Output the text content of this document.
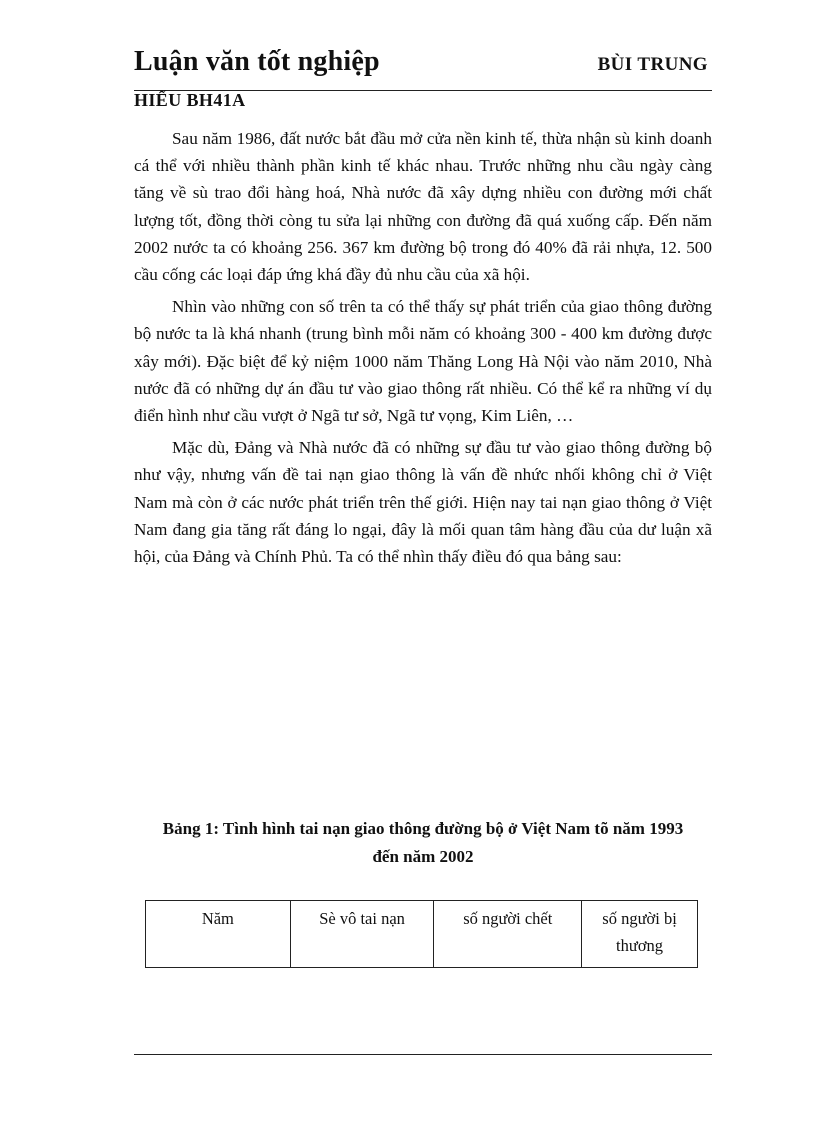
Luận văn tốt nghiệp	BÙI TRUNG
HIẾU BH41A

Sau năm 1986, đất nước bắt đầu mở cửa nền kinh tế, thừa nhận sù kinh doanh cá thể với nhiều thành phần kinh tế khác nhau. Trước những nhu cầu ngày càng tăng về sù trao đổi hàng hoá, Nhà nước đã xây dựng nhiều con đường mới chất lượng tốt, đồng thời còng tu sửa lại những con đường đã quá xuống cấp. Đến năm 2002 nước ta có khoảng 256. 367 km đường bộ trong đó 40% đã rải nhựa, 12. 500 cầu cống các loại đáp ứng khá đầy đủ nhu cầu của xã hội.

Nhìn vào những con số trên ta có thể thấy sự phát triển của giao thông đường bộ nước ta là khá nhanh (trung bình mỗi năm có khoảng 300 - 400 km đường được xây mới). Đặc biệt để kỷ niệm 1000 năm Thăng Long Hà Nội vào năm 2010, Nhà nước đã có những dự án đầu tư vào giao thông rất nhiều. Có thể kể ra những ví dụ điển hình như cầu vượt ở Ngã tư sở, Ngã tư vọng, Kim Liên, …

Mặc dù, Đảng và Nhà nước đã có những sự đầu tư vào giao thông đường bộ như vậy, nhưng vấn đề tai nạn giao thông là vấn đề nhức nhối không chỉ ở Việt Nam mà còn ở các nước phát triển trên thế giới. Hiện nay tai nạn giao thông ở Việt Nam đang gia tăng rất đáng lo ngại, đây là mối quan tâm hàng đầu của dư luận xã hội, của Đảng và Chính Phủ. Ta có thể nhìn thấy điều đó qua bảng sau:

Bảng 1: Tình hình tai nạn giao thông đường bộ ở Việt Nam tõ năm 1993
đến năm 2002
Năm	Sè vô tai nạn	số người chết	số người bị thương
